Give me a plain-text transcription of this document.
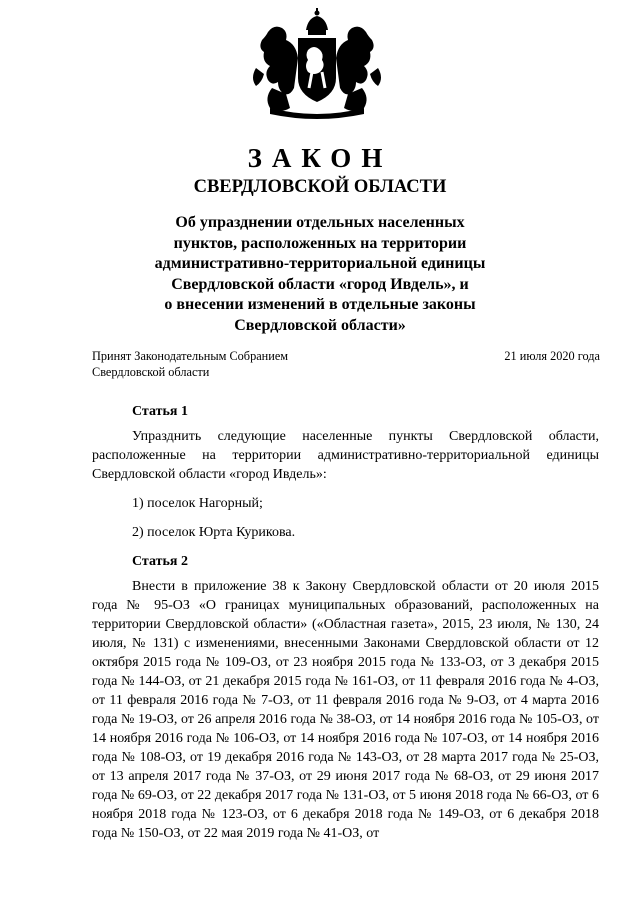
ЗАКОН
СВЕРДЛОВСКОЙ ОБЛАСТИ
Об упразднении отдельных населенных
пунктов, расположенных на территории
административно-территориальной единицы
Свердловской области «город Ивдель», и
о внесении изменений в отдельные законы
Свердловской области»
Принят Законодательным Собранием
Свердловской области
21 июля 2020 года
Статья 1

Упразднить следующие населенные пункты Свердловской области, расположенные на территории административно-территориальной единицы Свердловской области «город Ивдель»:

1) поселок Нагорный;

2) поселок Юрта Курикова.

Статья 2

Внести в приложение 38 к Закону Свердловской области от 20 июля 2015 года № 95-ОЗ «О границах муниципальных образований, расположенных на территории Свердловской области» («Областная газета», 2015, 23 июля, № 130, 24 июля, № 131) с изменениями, внесенными Законами Свердловской области от 12 октября 2015 года № 109-ОЗ, от 23 ноября 2015 года № 133-ОЗ, от 3 декабря 2015 года № 144-ОЗ, от 21 декабря 2015 года № 161-ОЗ, от 11 февраля 2016 года № 4-ОЗ, от 11 февраля 2016 года № 7-ОЗ, от 11 февраля 2016 года № 9-ОЗ, от 4 марта 2016 года № 19-ОЗ, от 26 апреля 2016 года № 38-ОЗ, от 14 ноября 2016 года № 105-ОЗ, от 14 ноября 2016 года № 106-ОЗ, от 14 ноября 2016 года № 107-ОЗ, от 14 ноября 2016 года № 108-ОЗ, от 19 декабря 2016 года № 143-ОЗ, от 28 марта 2017 года № 25-ОЗ, от 13 апреля 2017 года № 37-ОЗ, от 29 июня 2017 года № 68-ОЗ, от 29 июня 2017 года № 69-ОЗ, от 22 декабря 2017 года № 131-ОЗ, от 5 июня 2018 года № 66-ОЗ, от 6 ноября 2018 года № 123-ОЗ, от 6 декабря 2018 года № 149-ОЗ, от 6 декабря 2018 года № 150-ОЗ, от 22 мая 2019 года № 41-ОЗ, от
